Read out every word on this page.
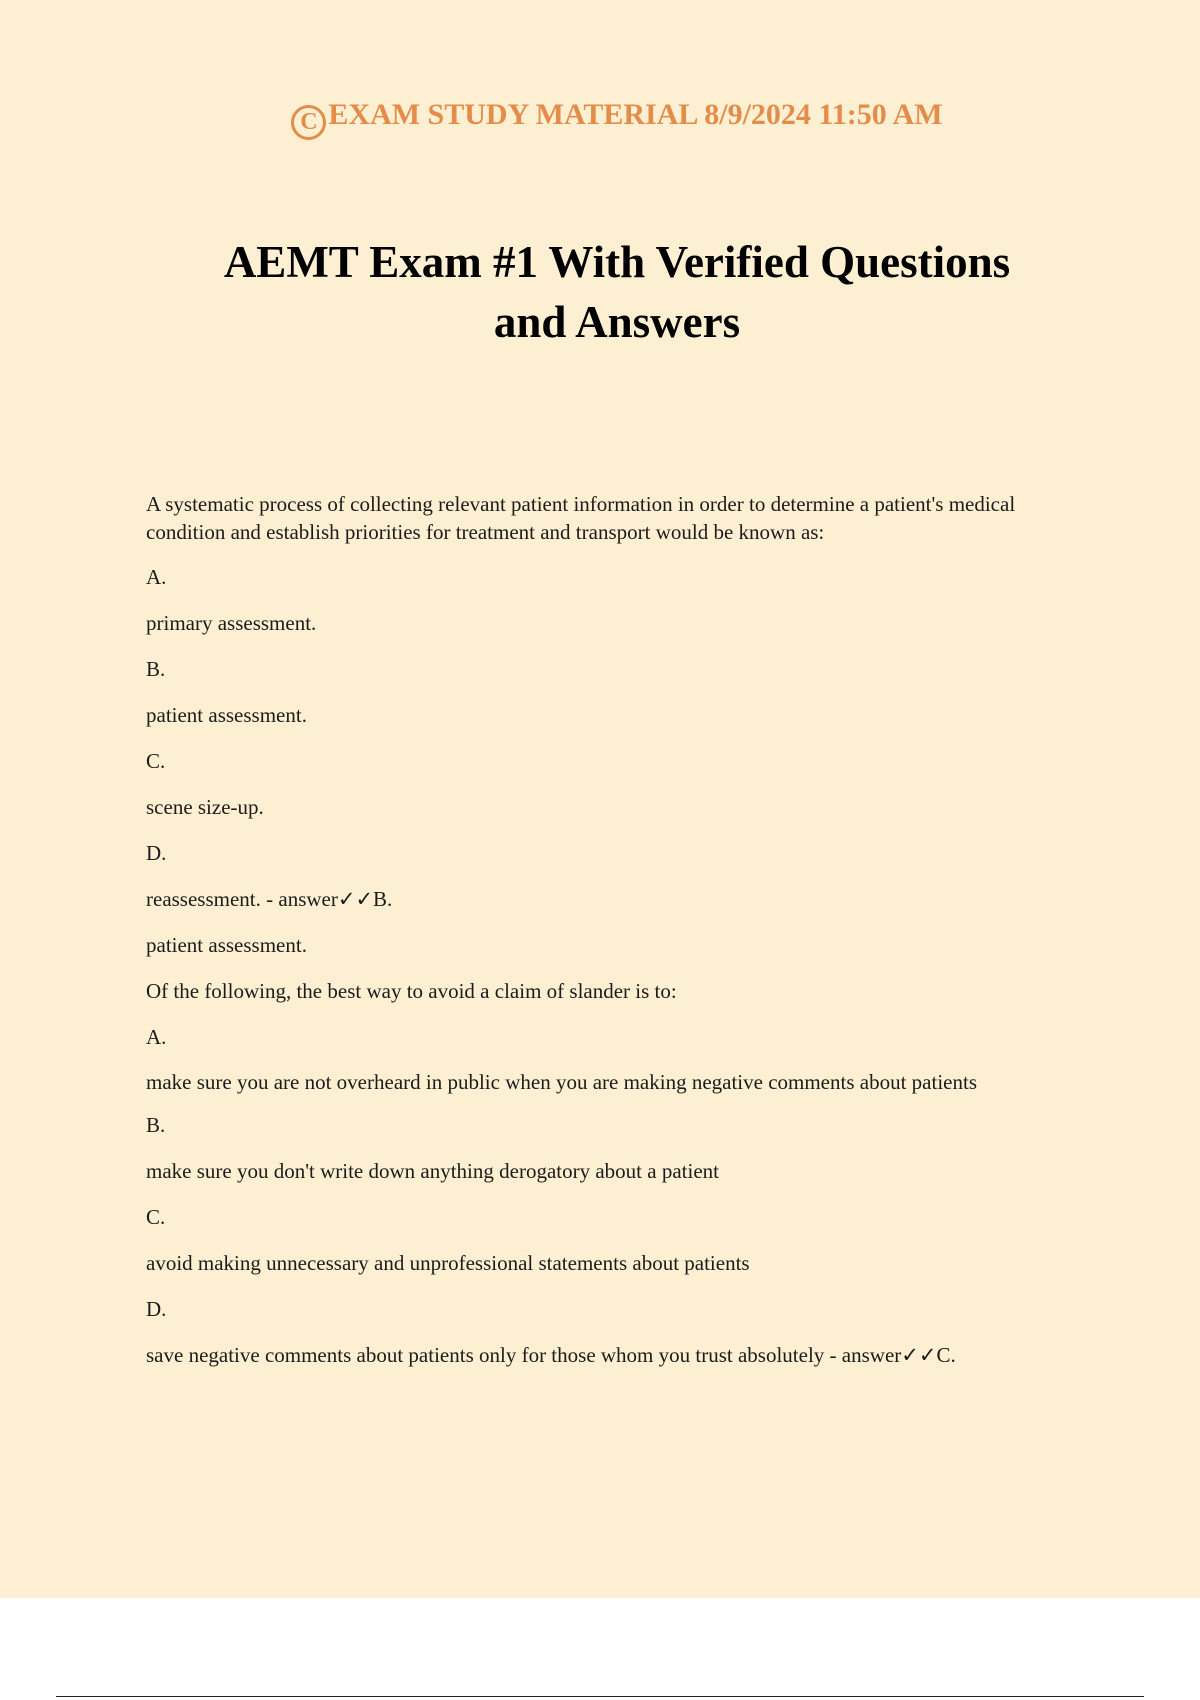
C EXAM STUDY MATERIAL 8/9/2024 11:50 AM
AEMT Exam #1 With Verified Questions
and Answers

A systematic process of collecting relevant patient information in order to determine a patient's medical condition and establish priorities for treatment and transport would be known as:

A.

primary assessment.

B.

patient assessment.

C.

scene size-up.

D.

reassessment. - answer✓✓B.

patient assessment.

Of the following, the best way to avoid a claim of slander is to:

A.

make sure you are not overheard in public when you are making negative comments about patients

B.

make sure you don't write down anything derogatory about a patient

C.

avoid making unnecessary and unprofessional statements about patients

D.

save negative comments about patients only for those whom you trust absolutely - answer✓✓C.
